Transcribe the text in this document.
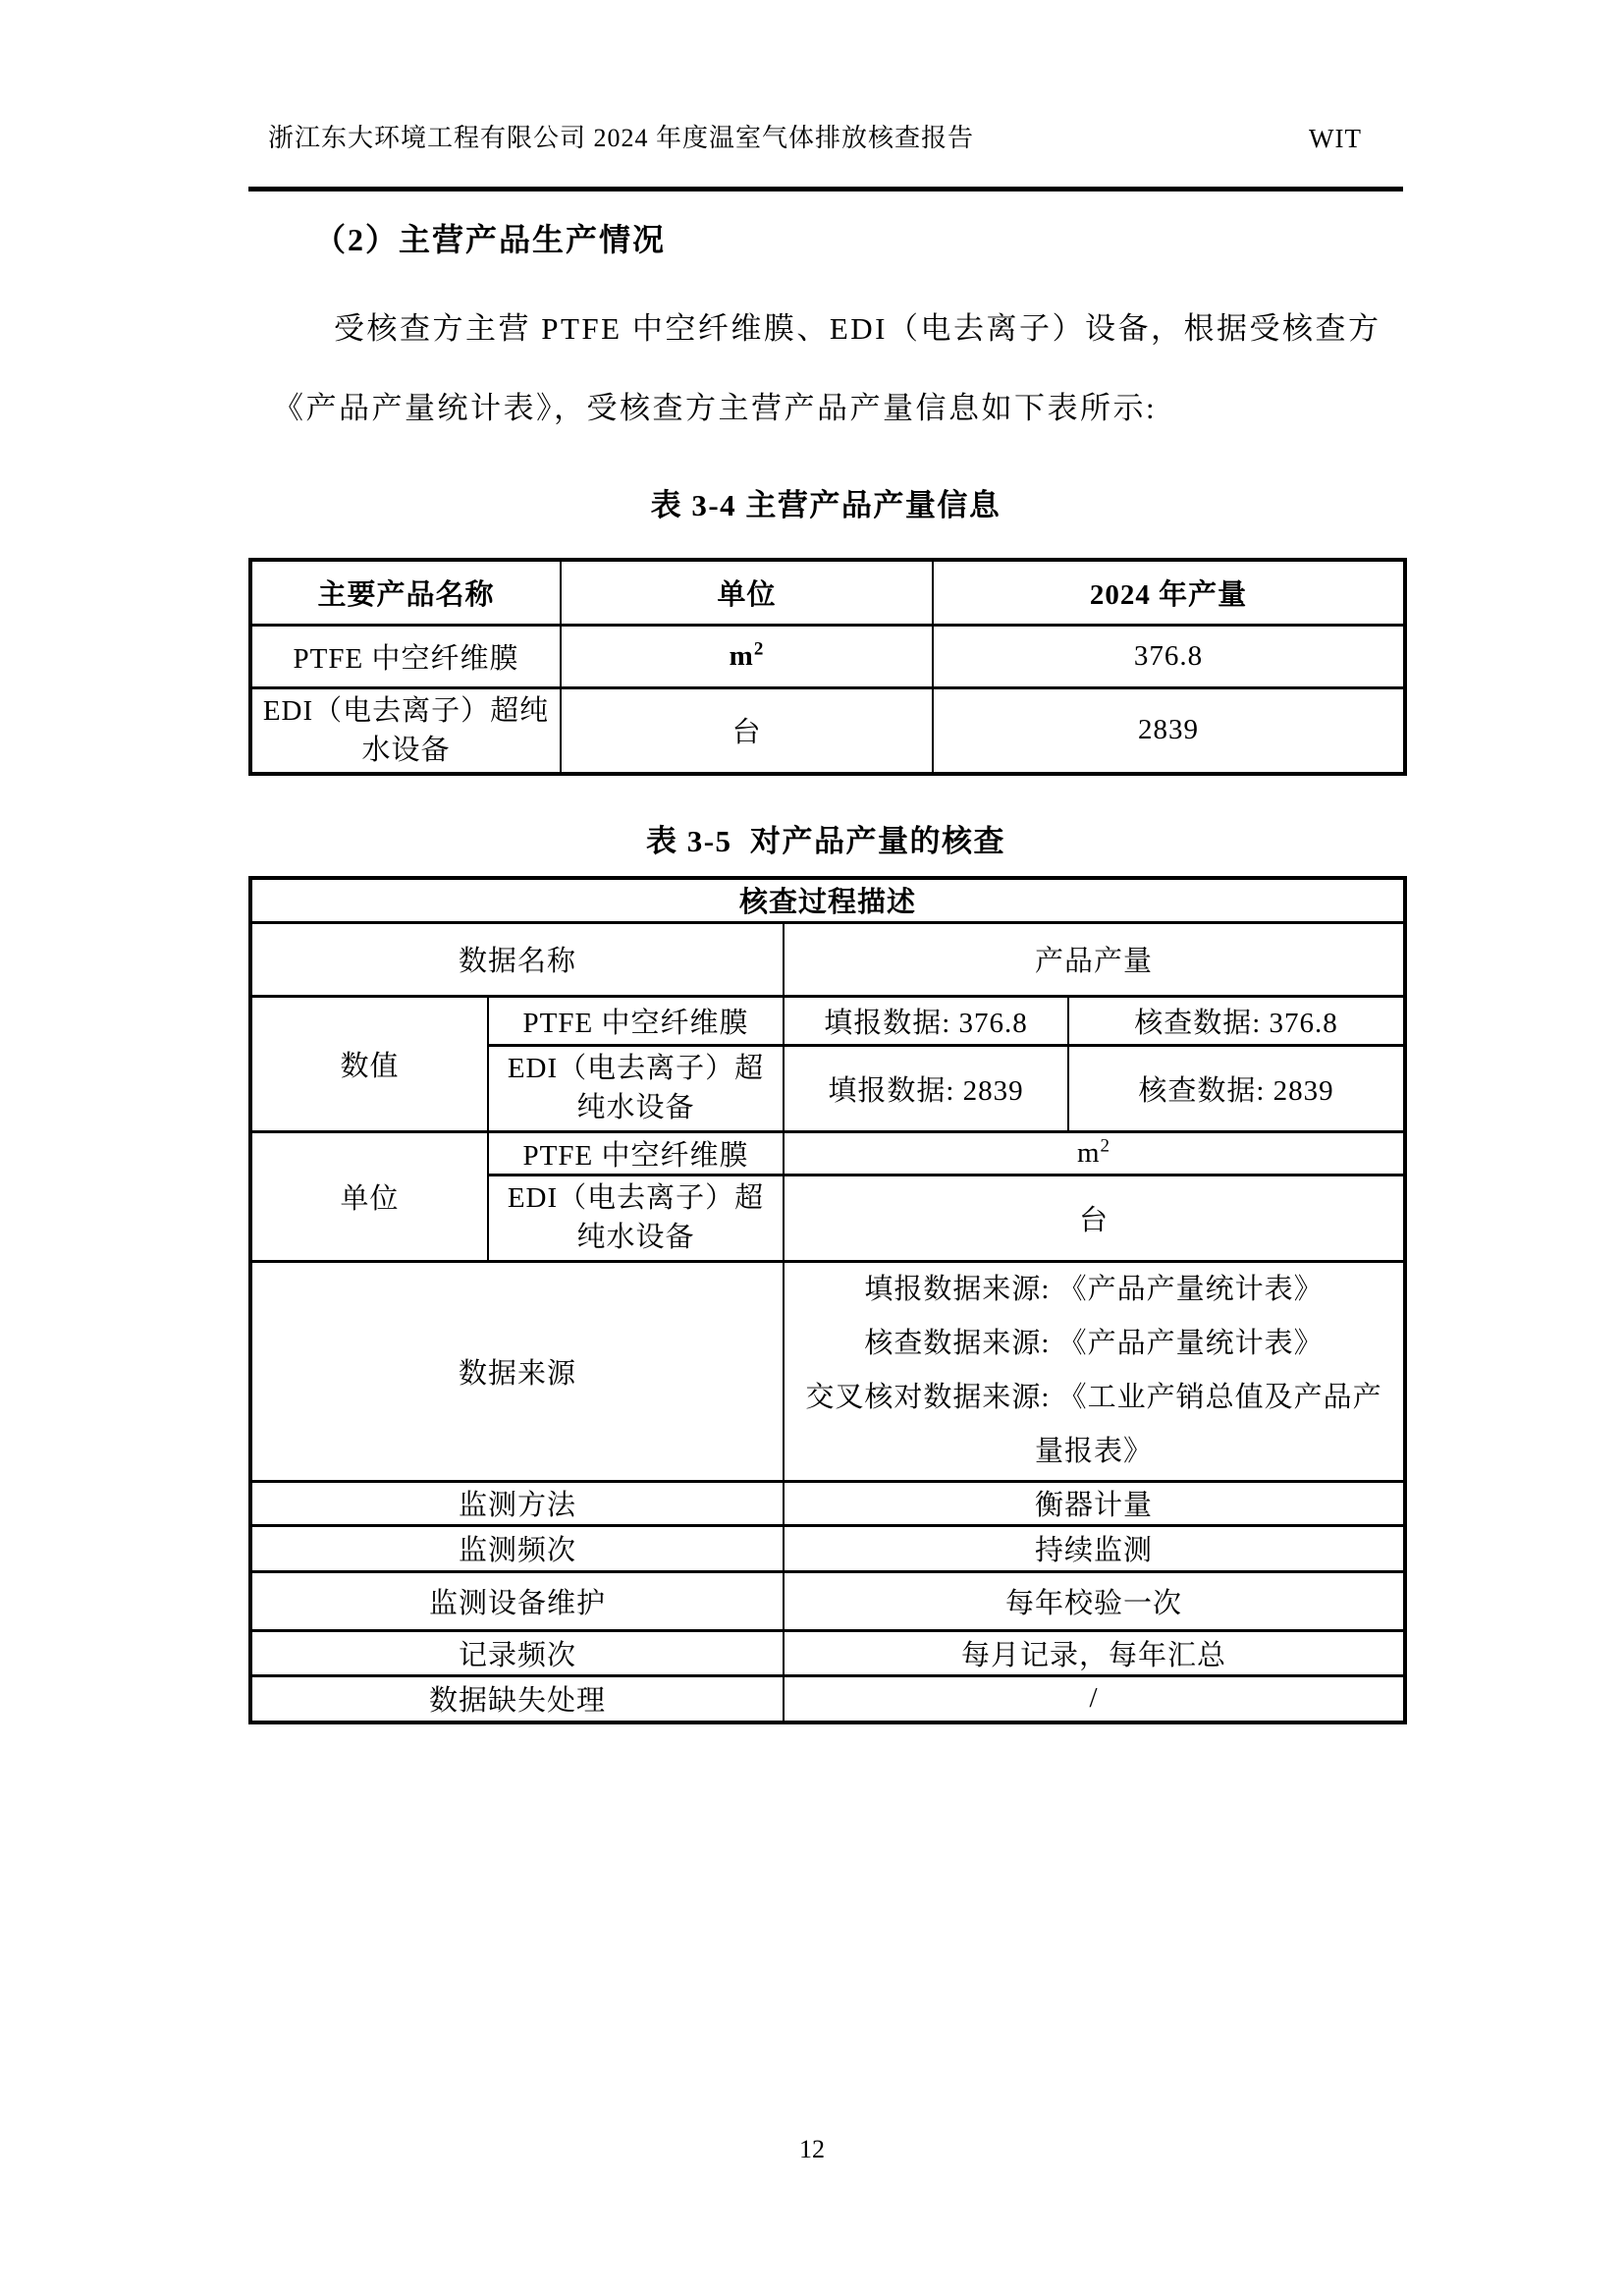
浙江东大环境工程有限公司 2024 年度温室气体排放核查报告	WIT
（2）主营产品生产情况
受核查方主营 PTFE 中空纤维膜、EDI（电去离子）设备，根据受核查方
《产品产量统计表》，受核查方主营产品产量信息如下表所示:
表 3-4 主营产品产量信息
主要产品名称	单位	2024 年产量
PTFE 中空纤维膜	$m^2$	376.8

EDI（电去离子）超纯
水设备	台	2839
表 3-5  对产品产量的核查
核查过程描述			
数据名称		产品产量	
数值	PTFE 中空纤维膜	填报数据: 376.8	核查数据: 376.8

	EDI（电去离子）超
纯水设备	填报数据: 2839	核查数据: 2839
单位	PTFE 中空纤维膜	$m^2$

	EDI（电去离子）超
纯水设备	台	
数据来源		填报数据来源: 《产品产量统计表》
核查数据来源: 《产品产量统计表》
交叉核对数据来源: 《工业产销总值及产品产
量报表》	

监测方法		衡器计量	
监测频次		持续监测	
监测设备维护		每年校验一次	
记录频次		每月记录，每年汇总	
数据缺失处理		/	
12
